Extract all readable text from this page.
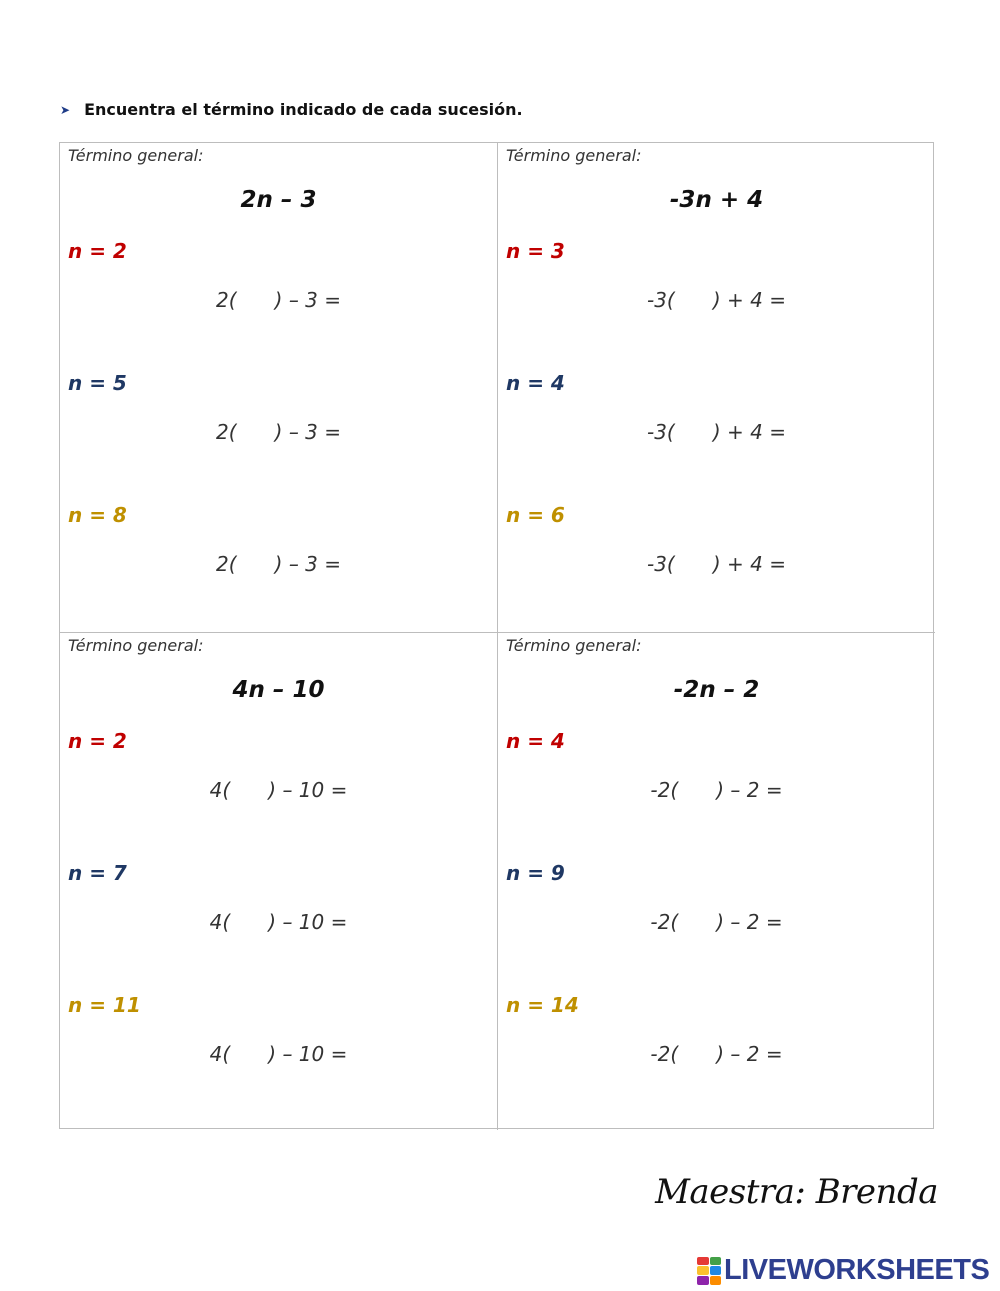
➤ Encuentra el término indicado de cada sucesión.
Término general:
2n – 3
n = 2
2(      ) – 3 =
n = 5
2(      ) – 3 =
n = 8
2(      ) – 3 =
Término general:
-3n + 4
n = 3
-3(      ) + 4 =
n = 4
-3(      ) + 4 =
n = 6
-3(      ) + 4 =
Término general:
4n – 10
n = 2
4(      ) – 10 =
n = 7
4(      ) – 10 =
n = 11
4(      ) – 10 =
Término general:
-2n – 2
n = 4
-2(      ) – 2 =
n = 9
-2(      ) – 2 =
n = 14
-2(      ) – 2 =
Maestra: Brenda
LIVEWORKSHEETS
